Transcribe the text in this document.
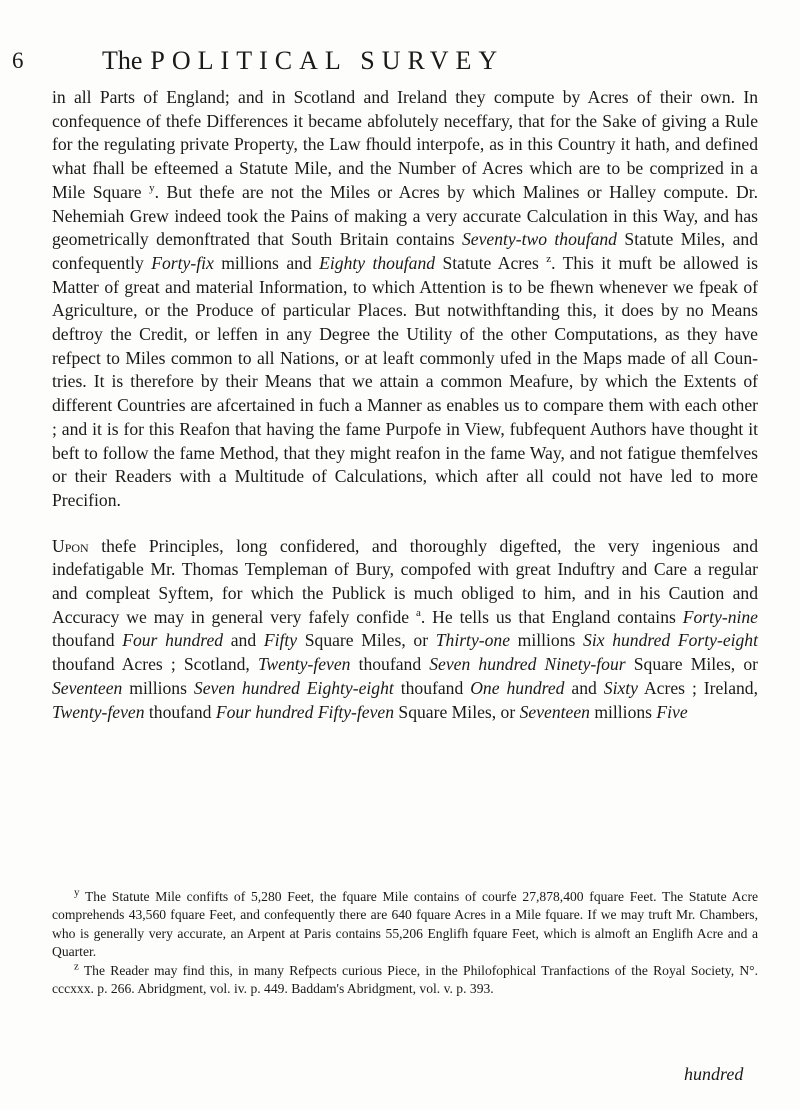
6	The POLITICAL SURVEY

in all Parts of England; and in Scotland and Ireland they compute by Acres of their own. In confequence of thefe Differences it became abfolutely neceffary, that for the Sake of giving a Rule for the regulating private Property, the Law fhould interpofe, as in this Country it hath, and defined what fhall be efteemed a Statute Mile, and the Number of Acres which are to be comprized in a Mile Square $^y$. But thefe are not the Miles or Acres by which Malines or Halley compute. Dr. Nehemiah Grew indeed took the Pains of making a very accurate Calculation in this Way, and has geometrically demonftrated that South Britain contains Seventy-two thoufand Statute Miles, and confequently Forty-fix millions and Eighty thoufand Statute Acres $^z$. This it muft be allowed is Matter of great and material Information, to which Attention is to be fhewn whenever we fpeak of Agriculture, or the Produce of particular Places. But notwithftanding this, it does by no Means deftroy the Credit, or leffen in any Degree the Utility of the other Computations, as they have refpect to Miles common to all Nations, or at leaft commonly ufed in the Maps made of all Countries. It is therefore by their Means that we attain a common Meafure, by which the Extents of different Countries are afcertained in fuch a Manner as enables us to compare them with each other ; and it is for this Reafon that having the fame Purpofe in View, fubfequent Authors have thought it beft to follow the fame Method, that they might reafon in the fame Way, and not fatigue themfelves or their Readers with a Multitude of Calculations, which after all could not have led to more Precifion.

Upon thefe Principles, long confidered, and thoroughly digefted, the very ingenious and indefatigable Mr. Thomas Templeman of Bury, compofed with great Induftry and Care a regular and compleat Syftem, for which the Publick is much obliged to him, and in his Caution and Accuracy we may in general very fafely confide $^a$. He tells us that England contains Forty-nine thoufand Four hundred and Fifty Square Miles, or Thirty-one millions Six hundred Forty-eight thoufand Acres ; Scotland, Twenty-feven thoufand Seven hundred Ninety-four Square Miles, or Seventeen millions Seven hundred Eighty-eight thoufand One hundred and Sixty Acres ; Ireland, Twenty-feven thoufand Four hundred Fifty-feven Square Miles, or Seventeen millions Five

$^y$ The Statute Mile confifts of 5,280 Feet, the fquare Mile contains of courfe 27,878,400 fquare Feet. The Statute Acre comprehends 43,560 fquare Feet, and confequently there are 640 fquare Acres in a Mile fquare. If we may truft Mr. Chambers, who is generally very accurate, an Arpent at Paris contains 55,206 Englifh fquare Feet, which is almoft an Englifh Acre and a Quarter.

$^z$ The Reader may find this, in many Refpects curious Piece, in the Philofophical Tranfactions of the Royal Society, N°. cccxxx. p. 266. Abridgment, vol. iv. p. 449. Baddam's Abridgment, vol. v. p. 393.

hundred
